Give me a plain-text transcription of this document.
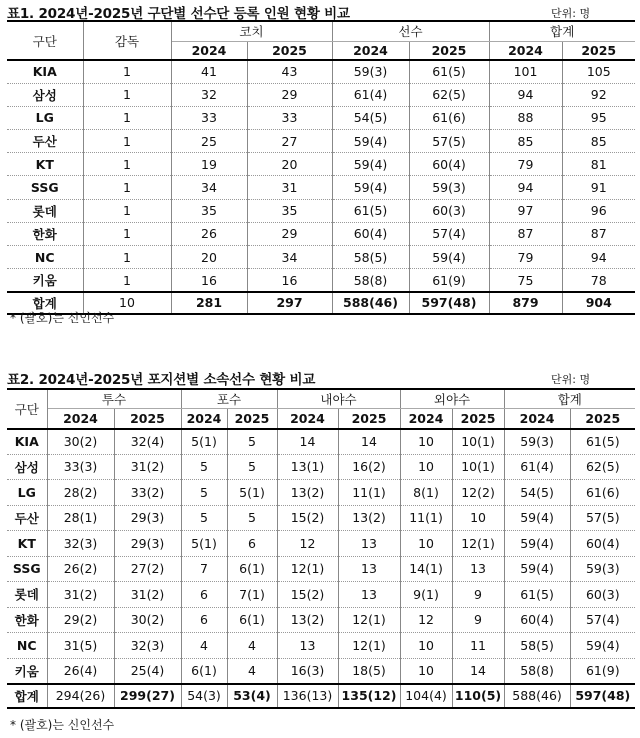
표1. 2024년-2025년 구단별 선수단 등록 인원 현황 비교	단위: 명
구단	감독	코치		선수		합계	
		2024	2025	2024	2025	2024	2025
KIA	1	41	43	59(3)	61(5)	101	105
삼성	1	32	29	61(4)	62(5)	94	92
LG	1	33	33	54(5)	61(6)	88	95
두산	1	25	27	59(4)	57(5)	85	85
KT	1	19	20	59(4)	60(4)	79	81
SSG	1	34	31	59(4)	59(3)	94	91
롯데	1	35	35	61(5)	60(3)	97	96
한화	1	26	29	60(4)	57(4)	87	87
NC	1	20	34	58(5)	59(4)	79	94
키움	1	16	16	58(8)	61(9)	75	78
합계	10	281	297	588(46)	597(48)	879	904
* (괄호)는 신인선수
표2. 2024년-2025년 포지션별 소속선수 현황 비교	단위: 명
구단	투수		포수		내야수		외야수		합계	
	2024	2025	2024	2025	2024	2025	2024	2025	2024	2025
KIA	30(2)	32(4)	5(1)	5	14	14	10	10(1)	59(3)	61(5)
삼성	33(3)	31(2)	5	5	13(1)	16(2)	10	10(1)	61(4)	62(5)
LG	28(2)	33(2)	5	5(1)	13(2)	11(1)	8(1)	12(2)	54(5)	61(6)
두산	28(1)	29(3)	5	5	15(2)	13(2)	11(1)	10	59(4)	57(5)
KT	32(3)	29(3)	5(1)	6	12	13	10	12(1)	59(4)	60(4)
SSG	26(2)	27(2)	7	6(1)	12(1)	13	14(1)	13	59(4)	59(3)
롯데	31(2)	31(2)	6	7(1)	15(2)	13	9(1)	9	61(5)	60(3)
한화	29(2)	30(2)	6	6(1)	13(2)	12(1)	12	9	60(4)	57(4)
NC	31(5)	32(3)	4	4	13	12(1)	10	11	58(5)	59(4)
키움	26(4)	25(4)	6(1)	4	16(3)	18(5)	10	14	58(8)	61(9)
합계	294(26)	299(27)	54(3)	53(4)	136(13)	135(12)	104(4)	110(5)	588(46)	597(48)
* (괄호)는 신인선수
